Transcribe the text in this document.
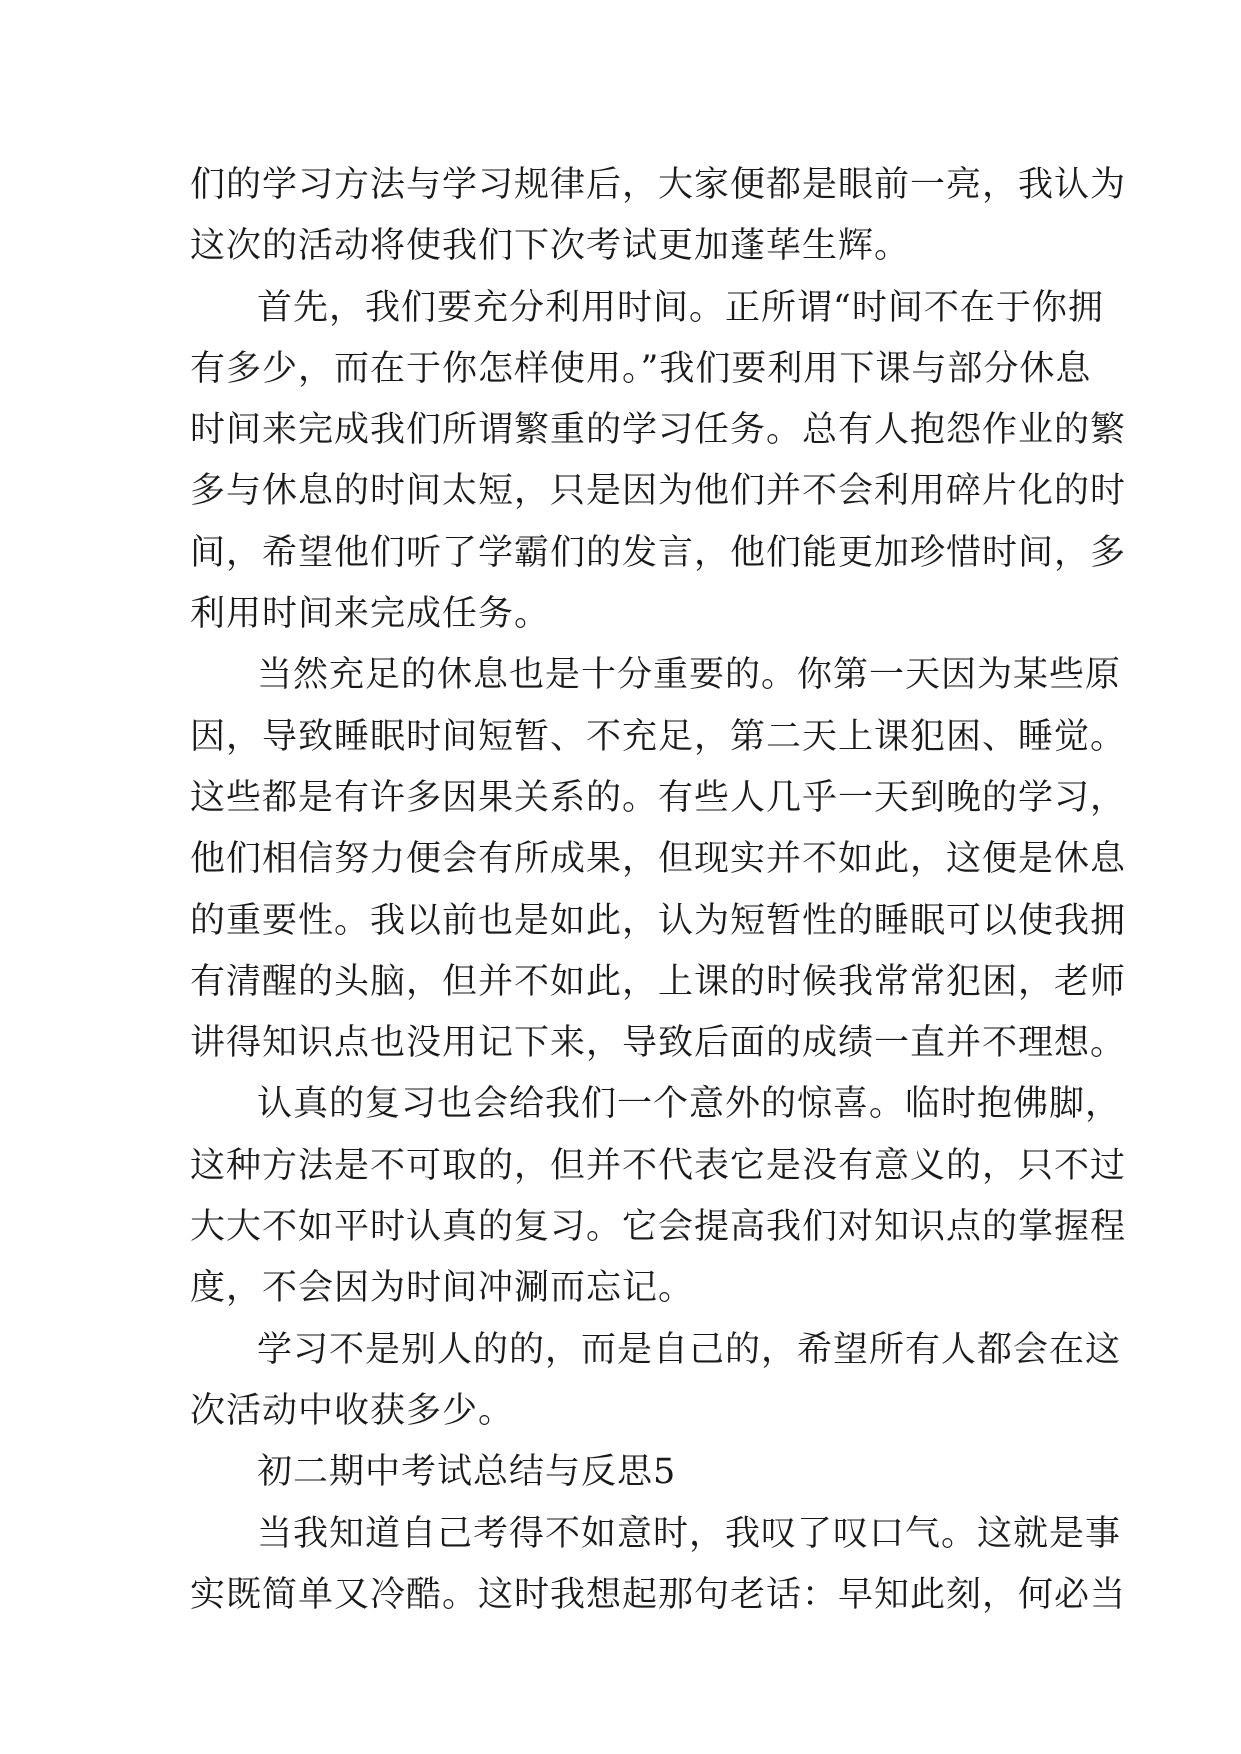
们的学习方法与学习规律后，大家便都是眼前一亮，我认为
这次的活动将使我们下次考试更加蓬荜生辉。
首先，我们要充分利用时间。正所谓“时间不在于你拥
有多少，而在于你怎样使用。”我们要利用下课与部分休息
时间来完成我们所谓繁重的学习任务。总有人抱怨作业的繁
多与休息的时间太短，只是因为他们并不会利用碎片化的时
间，希望他们听了学霸们的发言，他们能更加珍惜时间，多
利用时间来完成任务。
当然充足的休息也是十分重要的。你第一天因为某些原
因，导致睡眠时间短暂、不充足，第二天上课犯困、睡觉。
这些都是有许多因果关系的。有些人几乎一天到晚的学习，
他们相信努力便会有所成果，但现实并不如此，这便是休息
的重要性。我以前也是如此，认为短暂性的睡眠可以使我拥
有清醒的头脑，但并不如此，上课的时候我常常犯困，老师
讲得知识点也没用记下来，导致后面的成绩一直并不理想。
认真的复习也会给我们一个意外的惊喜。临时抱佛脚，
这种方法是不可取的，但并不代表它是没有意义的，只不过
大大不如平时认真的复习。它会提高我们对知识点的掌握程
度，不会因为时间冲涮而忘记。
学习不是别人的的，而是自己的，希望所有人都会在这
次活动中收获多少。
初二期中考试总结与反思5
当我知道自己考得不如意时，我叹了叹口气。这就是事
实既简单又冷酷。这时我想起那句老话：早知此刻，何必当
